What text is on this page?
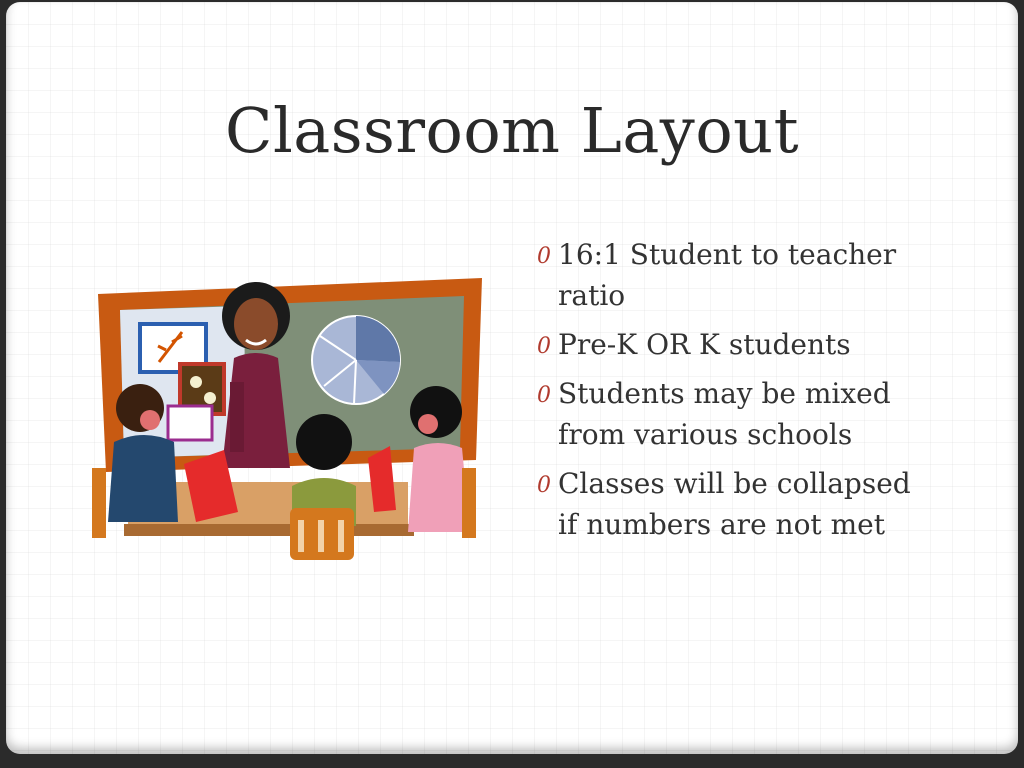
Classroom Layout
0 16:1 Student to teacher ratio
0 Pre-K OR K students
0 Students may be mixed from various schools
0 Classes will be collapsed if numbers are not met
